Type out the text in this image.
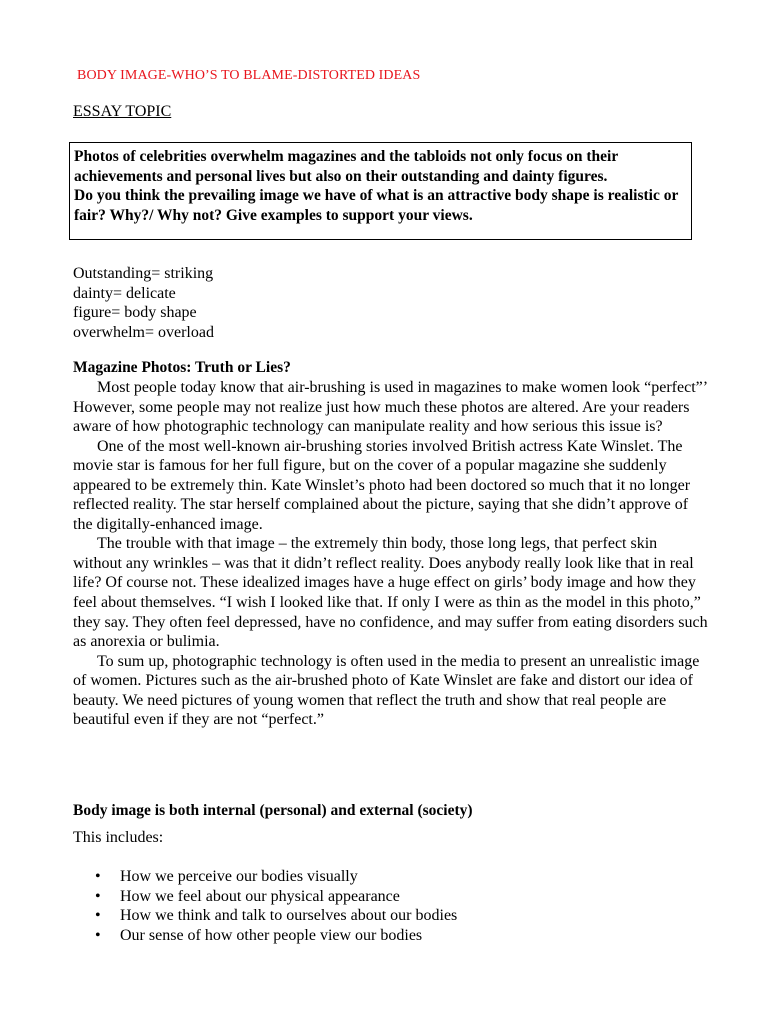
BODY IMAGE-WHO’S TO BLAME-DISTORTED IDEAS
ESSAY TOPIC

Photos of celebrities overwhelm magazines and the tabloids not only focus on their achievements and personal lives but also on their outstanding and dainty figures.

Do you think the prevailing image we have of what is an attractive body shape is realistic or fair? Why?/ Why not? Give examples to support your views.

Outstanding= striking
dainty= delicate
figure= body shape
overwhelm= overload
Magazine Photos: Truth or Lies?

Most people today know that air-brushing is used in magazines to make women look “perfect”’ However, some people may not realize just how much these photos are altered. Are your readers aware of how photographic technology can manipulate reality and how serious this issue is?

One of the most well-known air-brushing stories involved British actress Kate Winslet. The movie star is famous for her full figure, but on the cover of a popular magazine she suddenly appeared to be extremely thin. Kate Winslet’s photo had been doctored so much that it no longer reflected reality. The star herself complained about the picture, saying that she didn’t approve of the digitally-enhanced image.

The trouble with that image – the extremely thin body, those long legs, that perfect skin without any wrinkles – was that it didn’t reflect reality. Does anybody really look like that in real life? Of course not. These idealized images have a huge effect on girls’ body image and how they feel about themselves. “I wish I looked like that. If only I were as thin as the model in this photo,” they say. They often feel depressed, have no confidence, and may suffer from eating disorders such as anorexia or bulimia.

To sum up, photographic technology is often used in the media to present an unrealistic image of women. Pictures such as the air-brushed photo of Kate Winslet are fake and distort our idea of beauty. We need pictures of young women that reflect the truth and show that real people are beautiful even if they are not “perfect.”

Body image is both internal (personal) and external (society)
This includes:
• How we perceive our bodies visually
• How we feel about our physical appearance
• How we think and talk to ourselves about our bodies
• Our sense of how other people view our bodies
